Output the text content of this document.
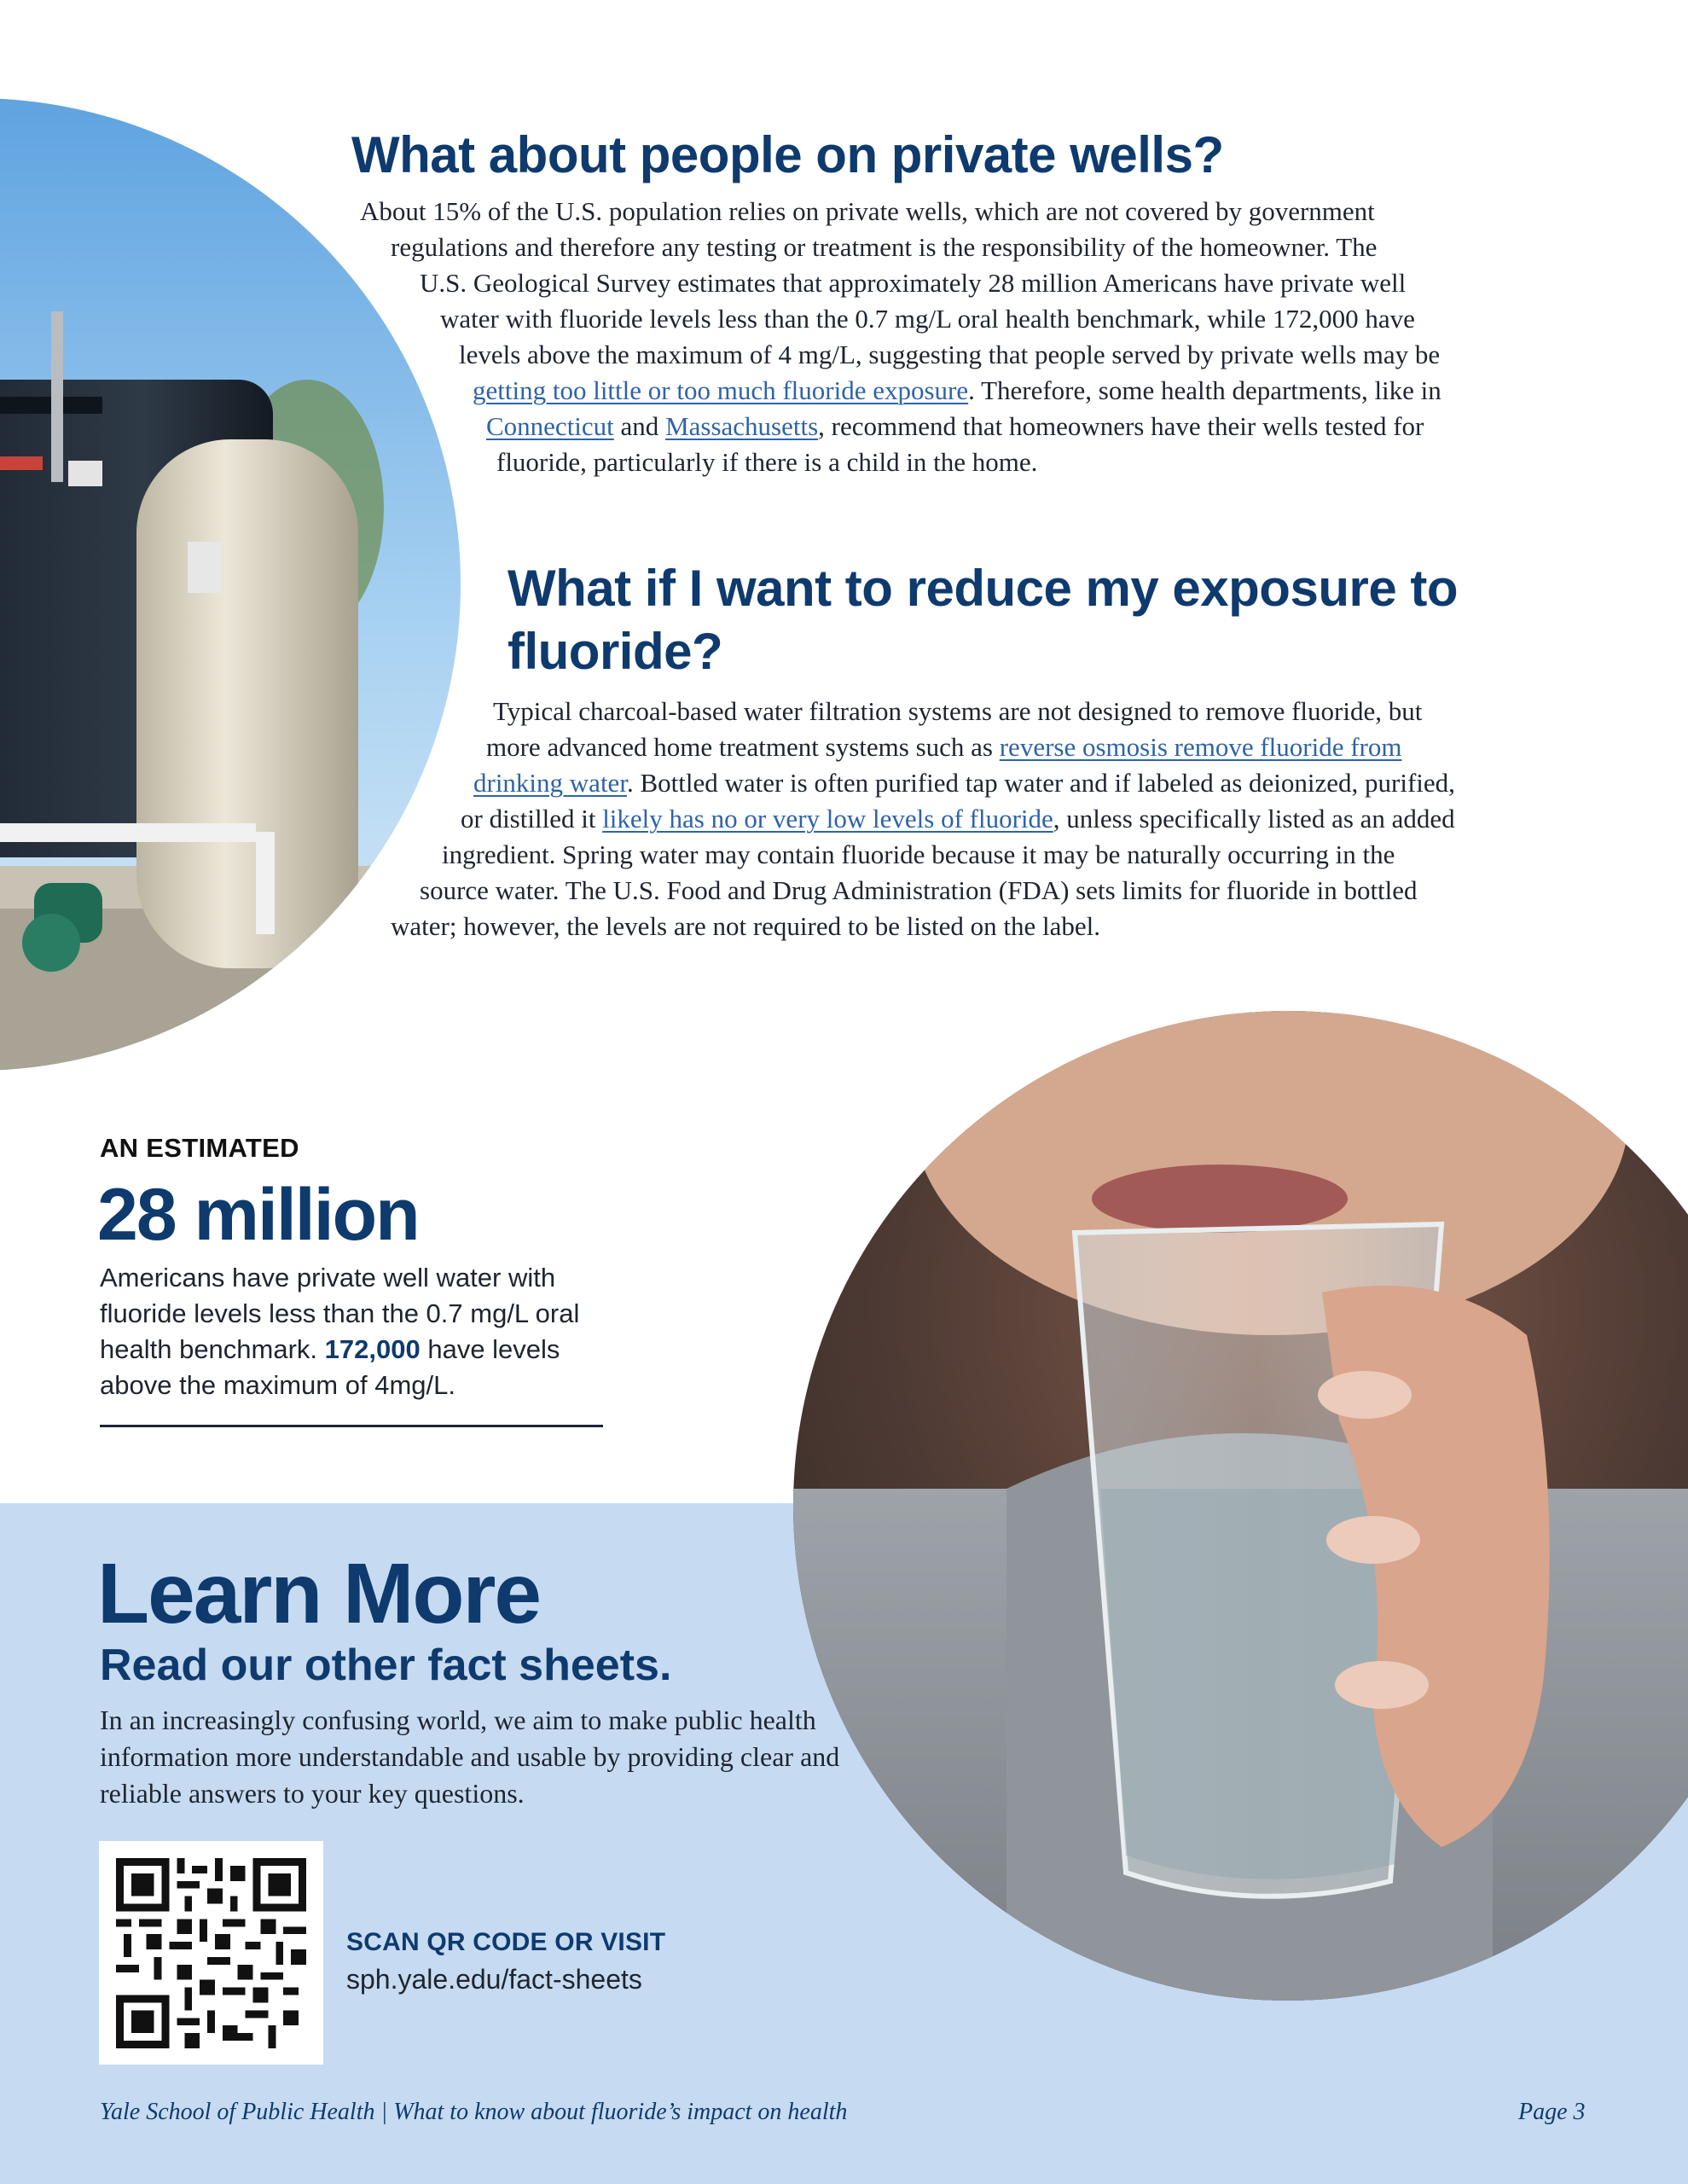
What about people on private wells?
About 15% of the U.S. population relies on private wells, which are not covered by government
regulations and therefore any testing or treatment is the responsibility of the homeowner. The
U.S. Geological Survey estimates that approximately 28 million Americans have private well
water with fluoride levels less than the 0.7 mg/L oral health benchmark, while 172,000 have
levels above the maximum of 4 mg/L, suggesting that people served by private wells may be
getting too little or too much fluoride exposure. Therefore, some health departments, like in
Connecticut and Massachusetts, recommend that homeowners have their wells tested for
fluoride, particularly if there is a child in the home.
What if I want to reduce my exposure to fluoride?
Typical charcoal-based water filtration systems are not designed to remove fluoride, but
more advanced home treatment systems such as reverse osmosis remove fluoride from
drinking water. Bottled water is often purified tap water and if labeled as deionized, purified,
or distilled it likely has no or very low levels of fluoride, unless specifically listed as an added
ingredient. Spring water may contain fluoride because it may be naturally occurring in the
source water. The U.S. Food and Drug Administration (FDA) sets limits for fluoride in bottled
water; however, the levels are not required to be listed on the label.
AN ESTIMATED
28 million
Americans have private well water with fluoride levels less than the 0.7 mg/L oral health benchmark. 172,000 have levels above the maximum of 4mg/L.
Learn More
Read our other fact sheets.
In an increasingly confusing world, we aim to make public health information more understandable and usable by providing clear and reliable answers to your key questions.
SCAN QR CODE OR VISIT
sph.yale.edu/fact-sheets
Yale School of Public Health | What to know about fluoride’s impact on health	Page 3
